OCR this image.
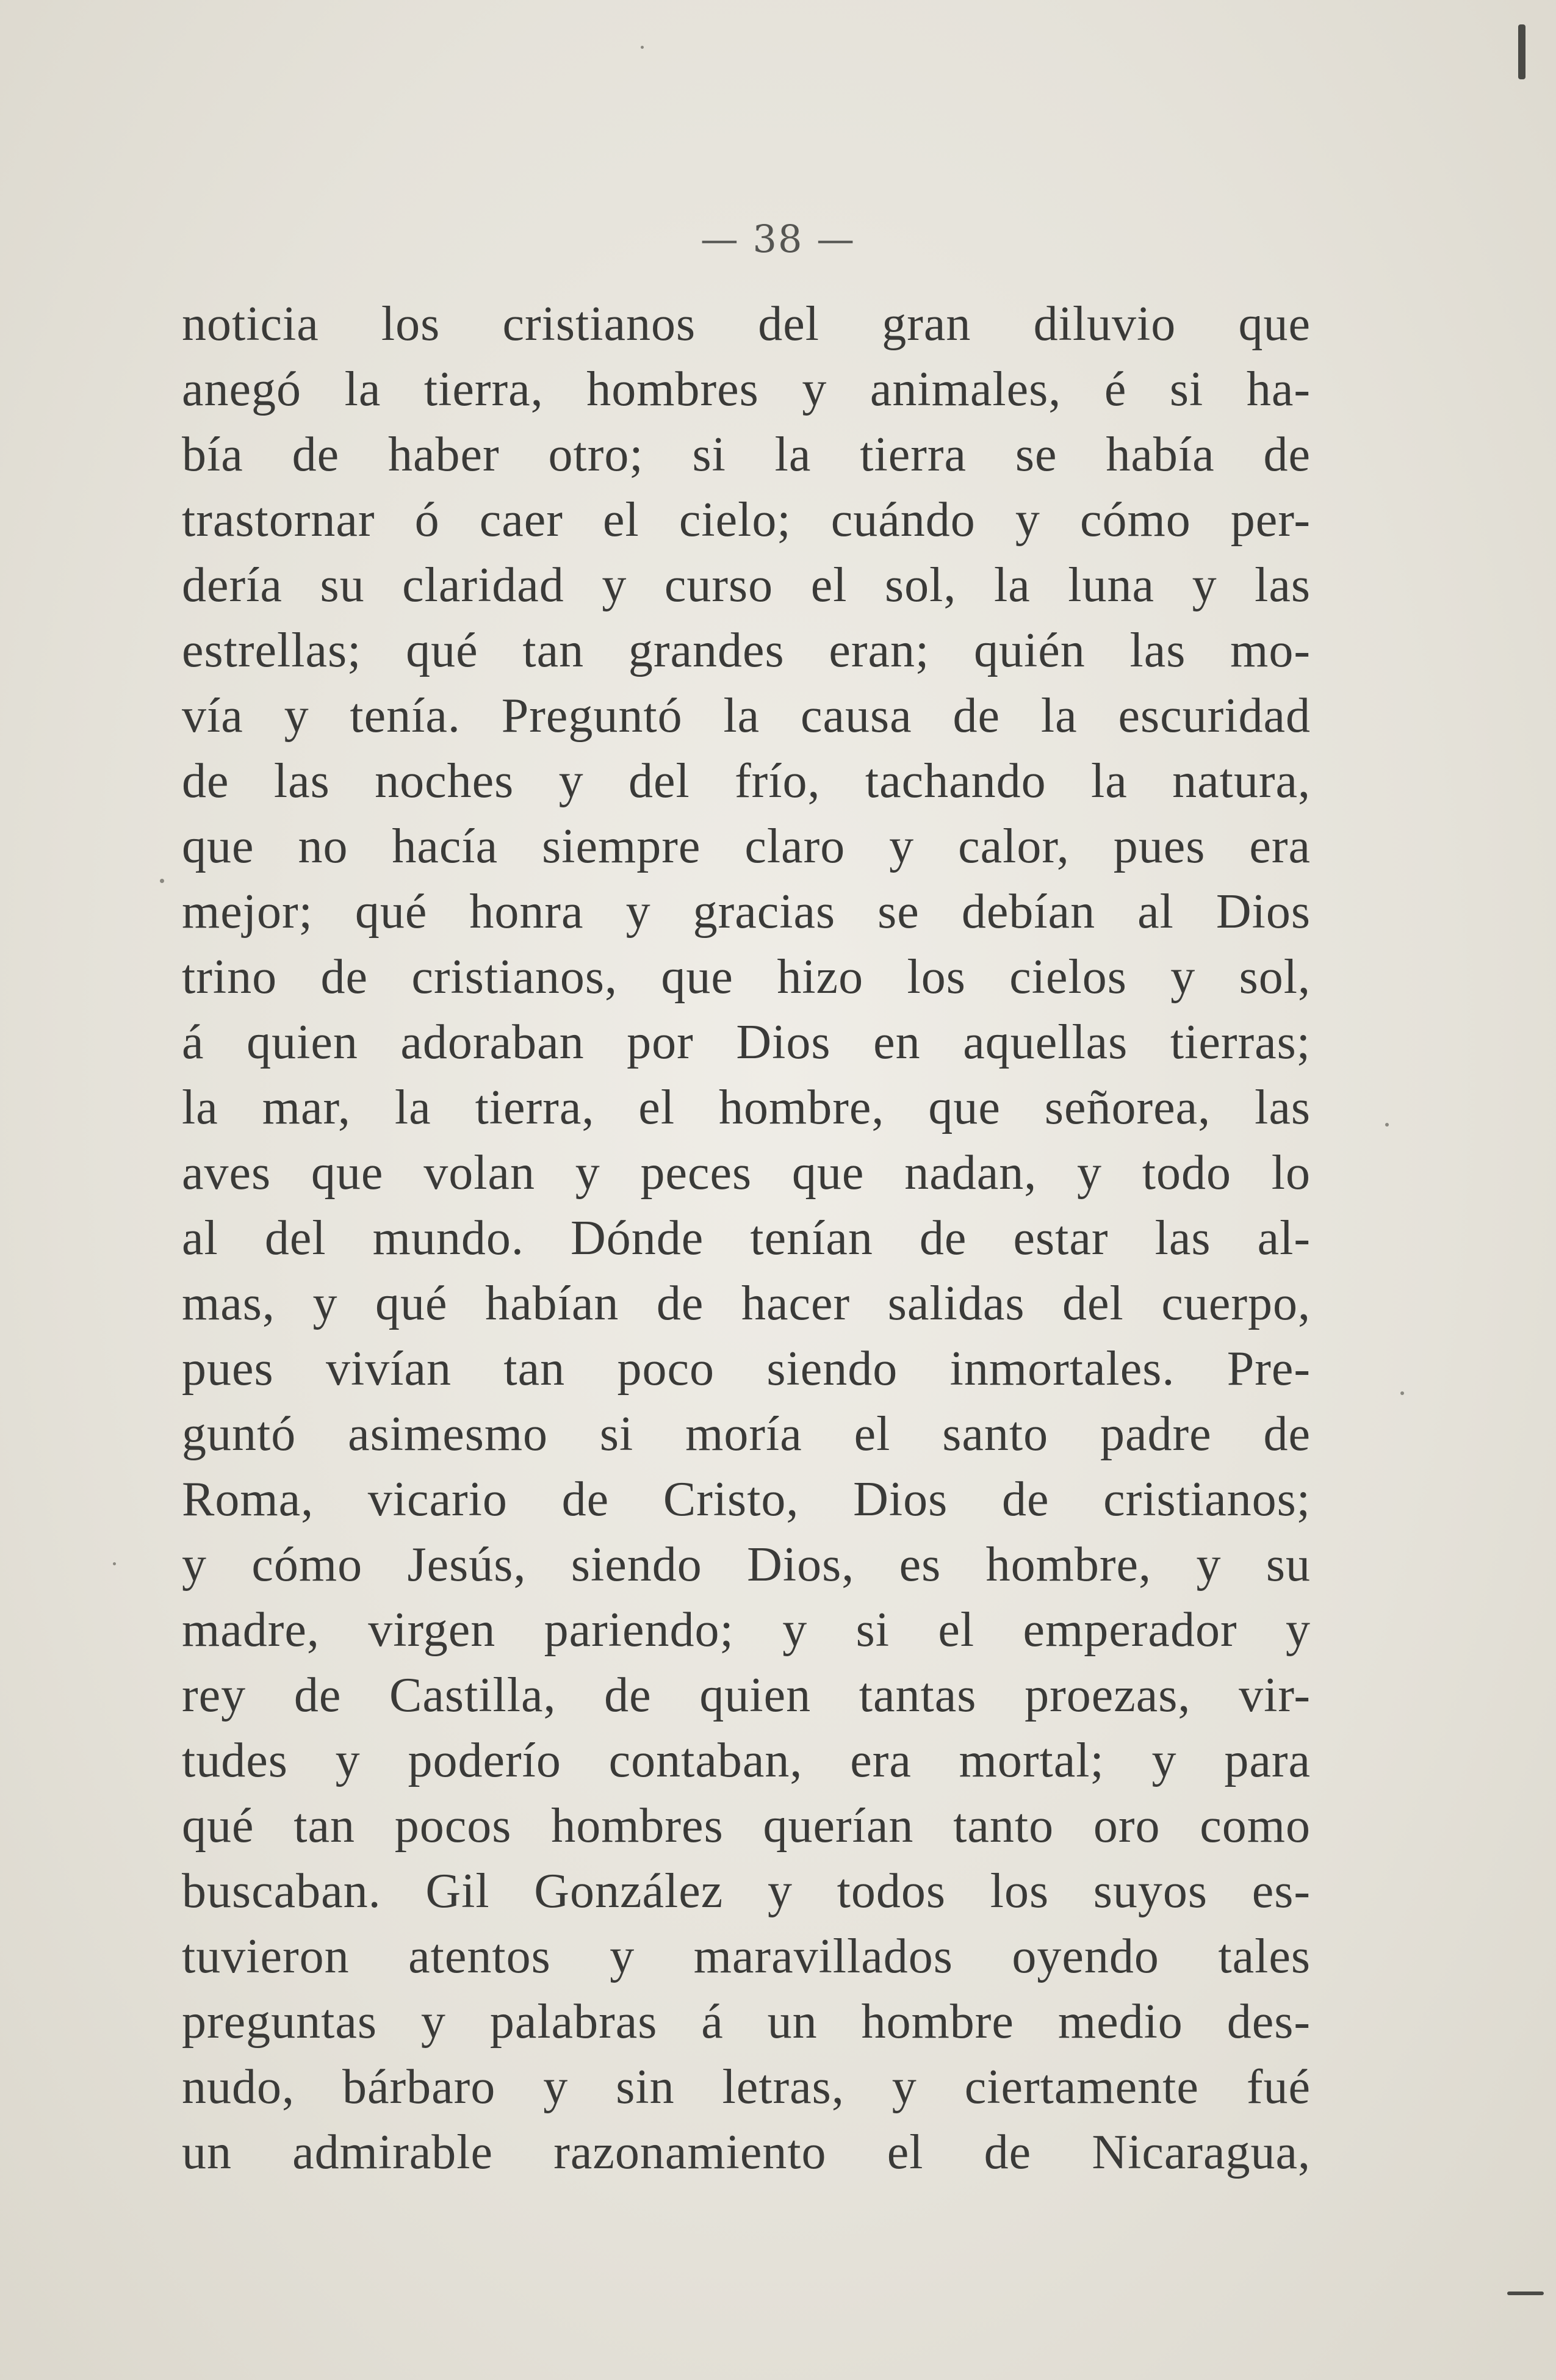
— 38 —
noticia los cristianos del gran diluvio que
anegó la tierra, hombres y animales, é si ha-
bía de haber otro; si la tierra se había de
trastornar ó caer el cielo; cuándo y cómo per-
dería su claridad y curso el sol, la luna y las
estrellas; qué tan grandes eran; quién las mo-
vía y tenía. Preguntó la causa de la escuridad
de las noches y del frío, tachando la natura,
que no hacía siempre claro y calor, pues era
mejor; qué honra y gracias se debían al Dios
trino de cristianos, que hizo los cielos y sol,
á quien adoraban por Dios en aquellas tierras;
la mar, la tierra, el hombre, que señorea, las
aves que volan y peces que nadan, y todo lo
al del mundo. Dónde tenían de estar las al-
mas, y qué habían de hacer salidas del cuerpo,
pues vivían tan poco siendo inmortales. Pre-
guntó asimesmo si moría el santo padre de
Roma, vicario de Cristo, Dios de cristianos;
y cómo Jesús, siendo Dios, es hombre, y su
madre, virgen pariendo; y si el emperador y
rey de Castilla, de quien tantas proezas, vir-
tudes y poderío contaban, era mortal; y para
qué tan pocos hombres querían tanto oro como
buscaban. Gil González y todos los suyos es-
tuvieron atentos y maravillados oyendo tales
preguntas y palabras á un hombre medio des-
nudo, bárbaro y sin letras, y ciertamente fué
un admirable razonamiento el de Nicaragua,
